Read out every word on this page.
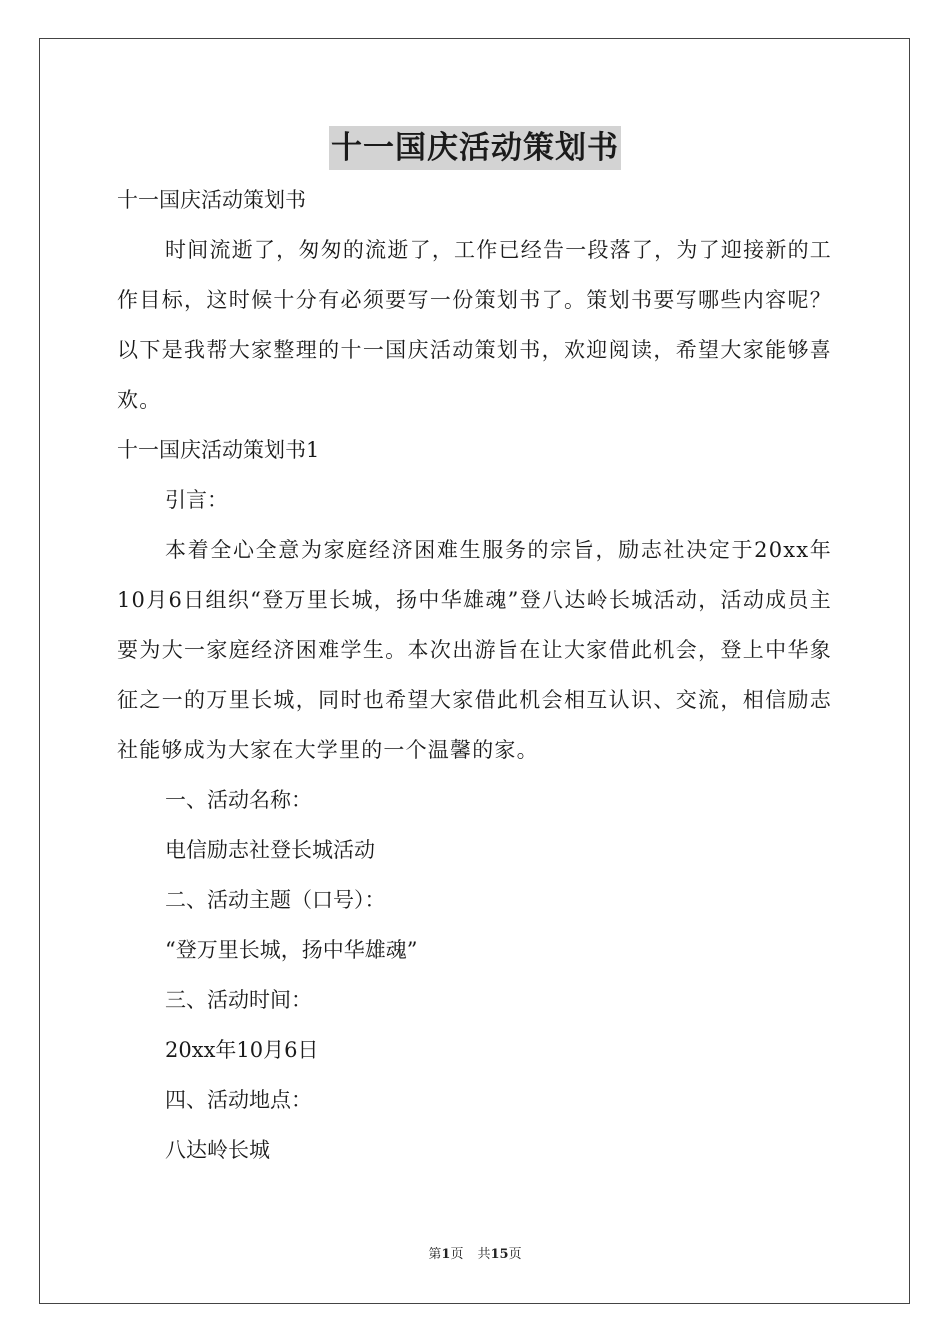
十一国庆活动策划书

十一国庆活动策划书

时间流逝了，匆匆的流逝了，工作已经告一段落了，为了迎接新的工作目标，这时候十分有必须要写一份策划书了。策划书要写哪些内容呢？以下是我帮大家整理的十一国庆活动策划书，欢迎阅读，希望大家能够喜欢。

十一国庆活动策划书1

引言：

本着全心全意为家庭经济困难生服务的宗旨，励志社决定于20xx年10月6日组织“登万里长城，扬中华雄魂”登八达岭长城活动，活动成员主要为大一家庭经济困难学生。本次出游旨在让大家借此机会，登上中华象征之一的万里长城，同时也希望大家借此机会相互认识、交流，相信励志社能够成为大家在大学里的一个温馨的家。

一、活动名称：

电信励志社登长城活动

二、活动主题（口号）：

“登万里长城，扬中华雄魂”

三、活动时间：

20xx年10月6日

四、活动地点：

八达岭长城

第1页 共15页
